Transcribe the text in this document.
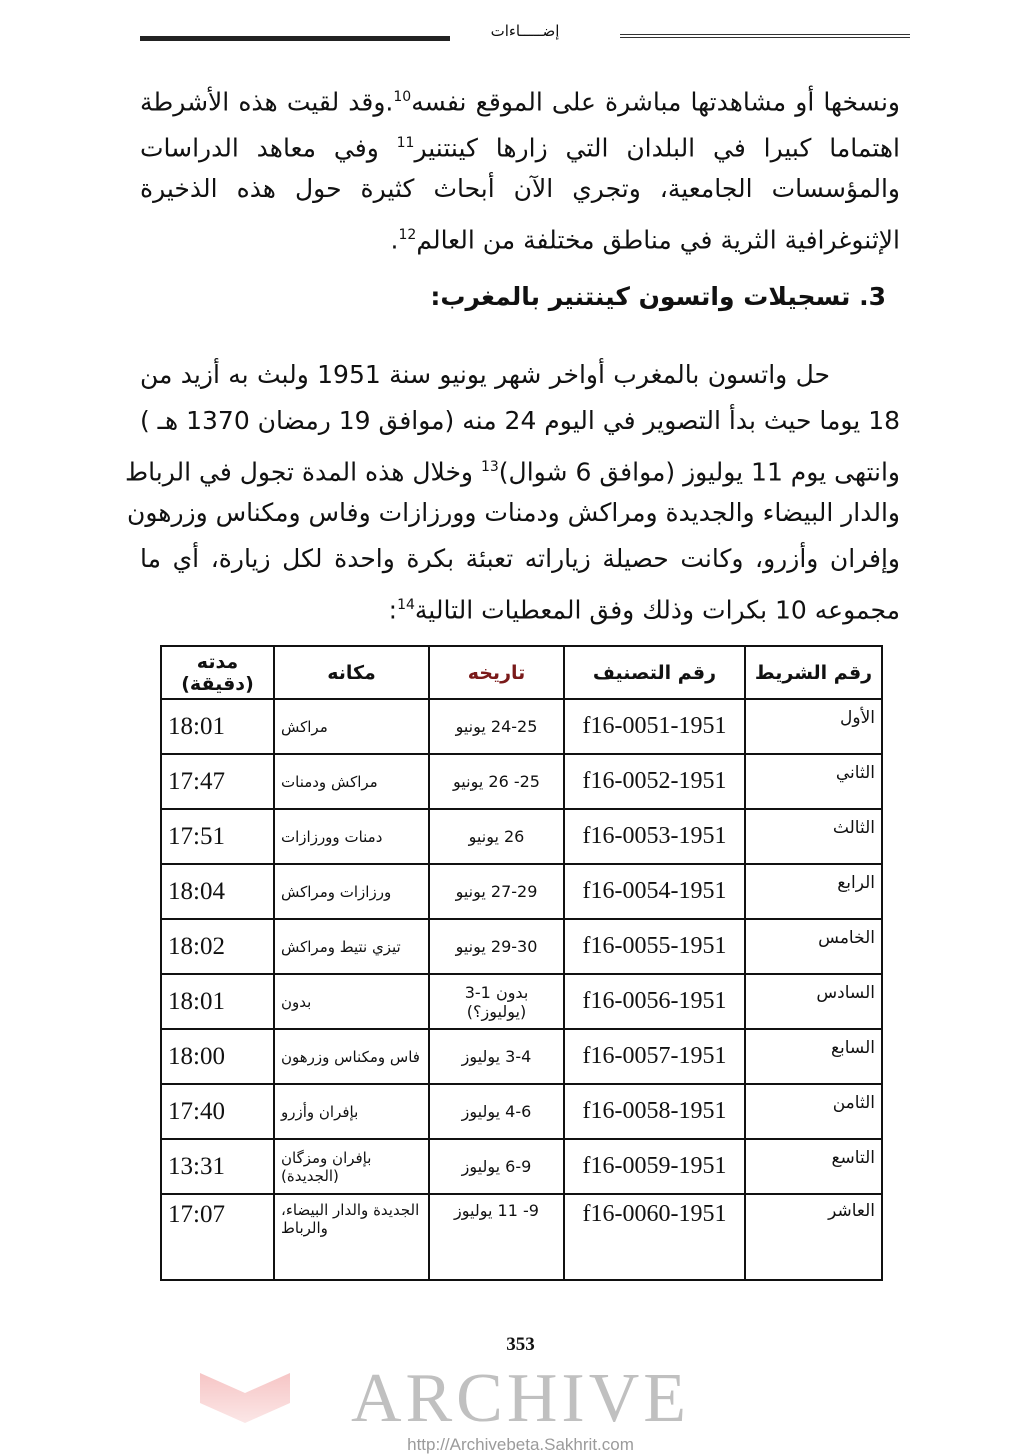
إضـــــاءات
ونسخها أو مشاهدتها مباشرة على الموقع نفسه$^{10}$.وقد لقيت هذه الأشرطة
اهتماما كبيرا في البلدان التي زارها كينتنير$^{11}$ وفي معاهد الدراسات
والمؤسسات الجامعية، وتجري الآن أبحاث كثيرة حول هذه الذخيرة
الإثنوغرافية الثرية في مناطق مختلفة من العالم$^{12}$.
3. تسجيلات واتسون كينتنير بالمغرب:
حل واتسون بالمغرب أواخر شهر يونيو سنة 1951 ولبث به أزيد من
18 يوما حيث بدأ التصوير في اليوم 24 منه (موافق 19 رمضان 1370 هـ )
وانتهى يوم 11 يوليوز (موافق 6 شوال)$^{13}$ وخلال هذه المدة تجول في الرباط
والدار البيضاء والجديدة ومراكش ودمنات وورزازات وفاس ومكناس وزرهون
وإفران وأزرو، وكانت حصيلة زياراته تعبئة بكرة واحدة لكل زيارة، أي ما
مجموعه 10 بكرات وذلك وفق المعطيات التالية$^{14}$:
رقم الشريط	رقم التصنيف	تاريخه	مكانه	مدته (دقيقة)
الأول	f16-0051-1951	24-25 يونيو	مراكش	18:01
الثاني	f16-0052-1951	25- 26 يونيو	مراكش ودمنات	17:47
الثالث	f16-0053-1951	26 يونيو	دمنات وورزازات	17:51
الرابع	f16-0054-1951	27-29 يونيو	ورزازات ومراكش	18:04
الخامس	f16-0055-1951	29-30 يونيو	تيزي نتيط ومراكش	18:02
السادس	f16-0056-1951	بدون 1-3 (يوليوز؟)	بدون	18:01
السابع	f16-0057-1951	3-4 يوليوز	فاس ومكناس وزرهون	18:00
الثامن	f16-0058-1951	4-6 يوليوز	بإفران وأزرو	17:40
التاسع	f16-0059-1951	6-9 يوليوز	بإفران ومزگان (الجديدة)	13:31
العاشر	f16-0060-1951	9- 11 يوليوز	الجديدة والدار البيضاء، والرباط	17:07
353
ARCHIVE
http://Archivebeta.Sakhrit.com
